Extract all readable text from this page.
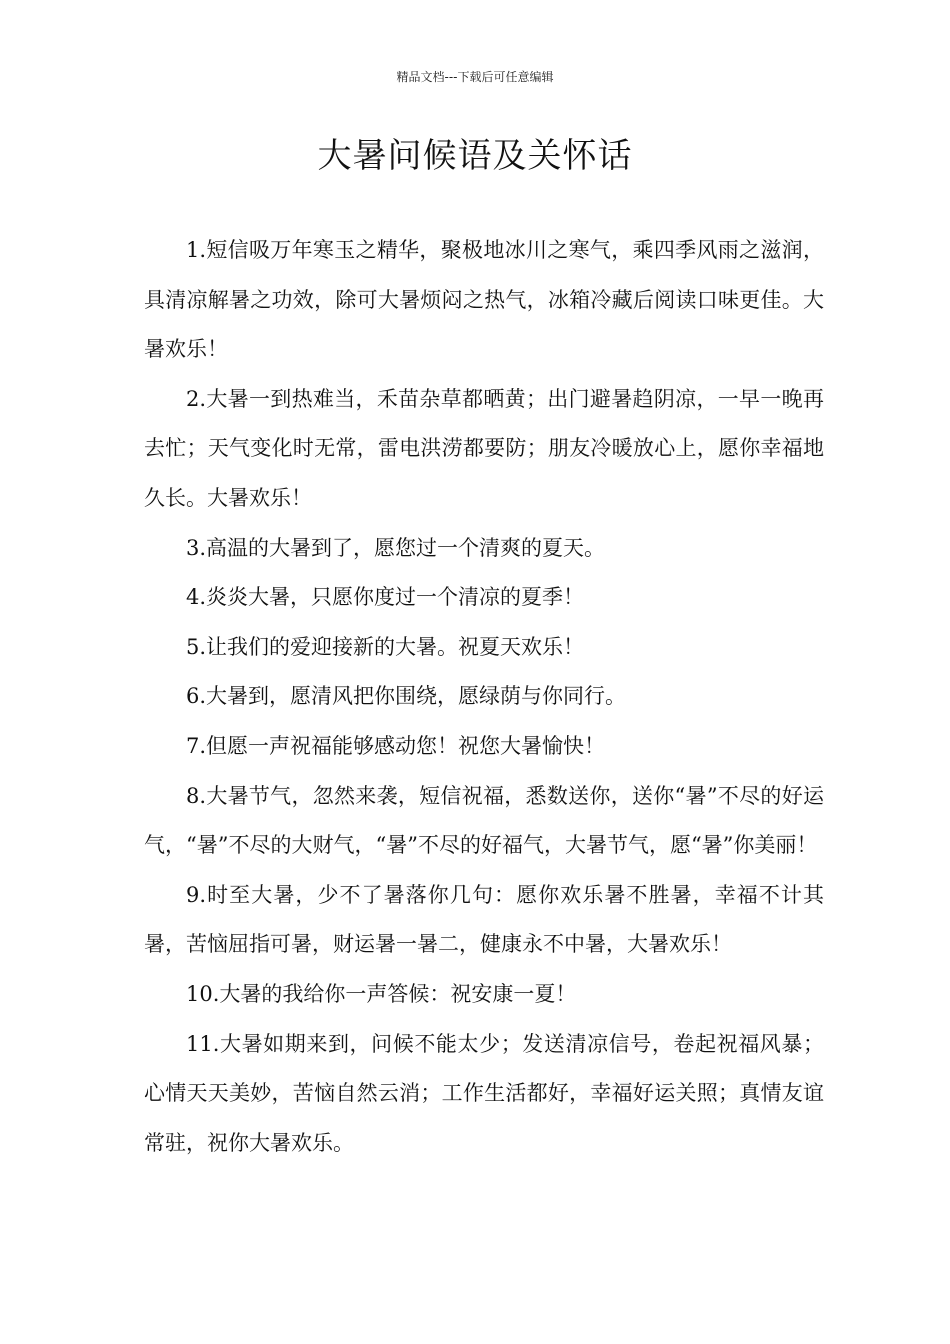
精品文档---下载后可任意编辑
大暑问候语及关怀话

1.短信吸万年寒玉之精华，聚极地冰川之寒气，乘四季风雨之滋润，具清凉解暑之功效，除可大暑烦闷之热气，冰箱冷藏后阅读口味更佳。大暑欢乐！

2.大暑一到热难当，禾苗杂草都晒黄；出门避暑趋阴凉，一早一晚再去忙；天气变化时无常，雷电洪涝都要防；朋友冷暖放心上，愿你幸福地久长。大暑欢乐！

3.高温的大暑到了，愿您过一个清爽的夏天。

4.炎炎大暑，只愿你度过一个清凉的夏季！

5.让我们的爱迎接新的大暑。祝夏天欢乐！

6.大暑到，愿清风把你围绕，愿绿荫与你同行。

7.但愿一声祝福能够感动您！祝您大暑愉快！

8.大暑节气，忽然来袭，短信祝福，悉数送你，送你“暑”不尽的好运气，“暑”不尽的大财气，“暑”不尽的好福气，大暑节气，愿“暑”你美丽！

9.时至大暑，少不了暑落你几句：愿你欢乐暑不胜暑，幸福不计其暑，苦恼屈指可暑，财运暑一暑二，健康永不中暑，大暑欢乐！

10.大暑的我给你一声答候：祝安康一夏！

11.大暑如期来到，问候不能太少；发送清凉信号，卷起祝福风暴；心情天天美妙，苦恼自然云消；工作生活都好，幸福好运关照；真情友谊常驻，祝你大暑欢乐。
